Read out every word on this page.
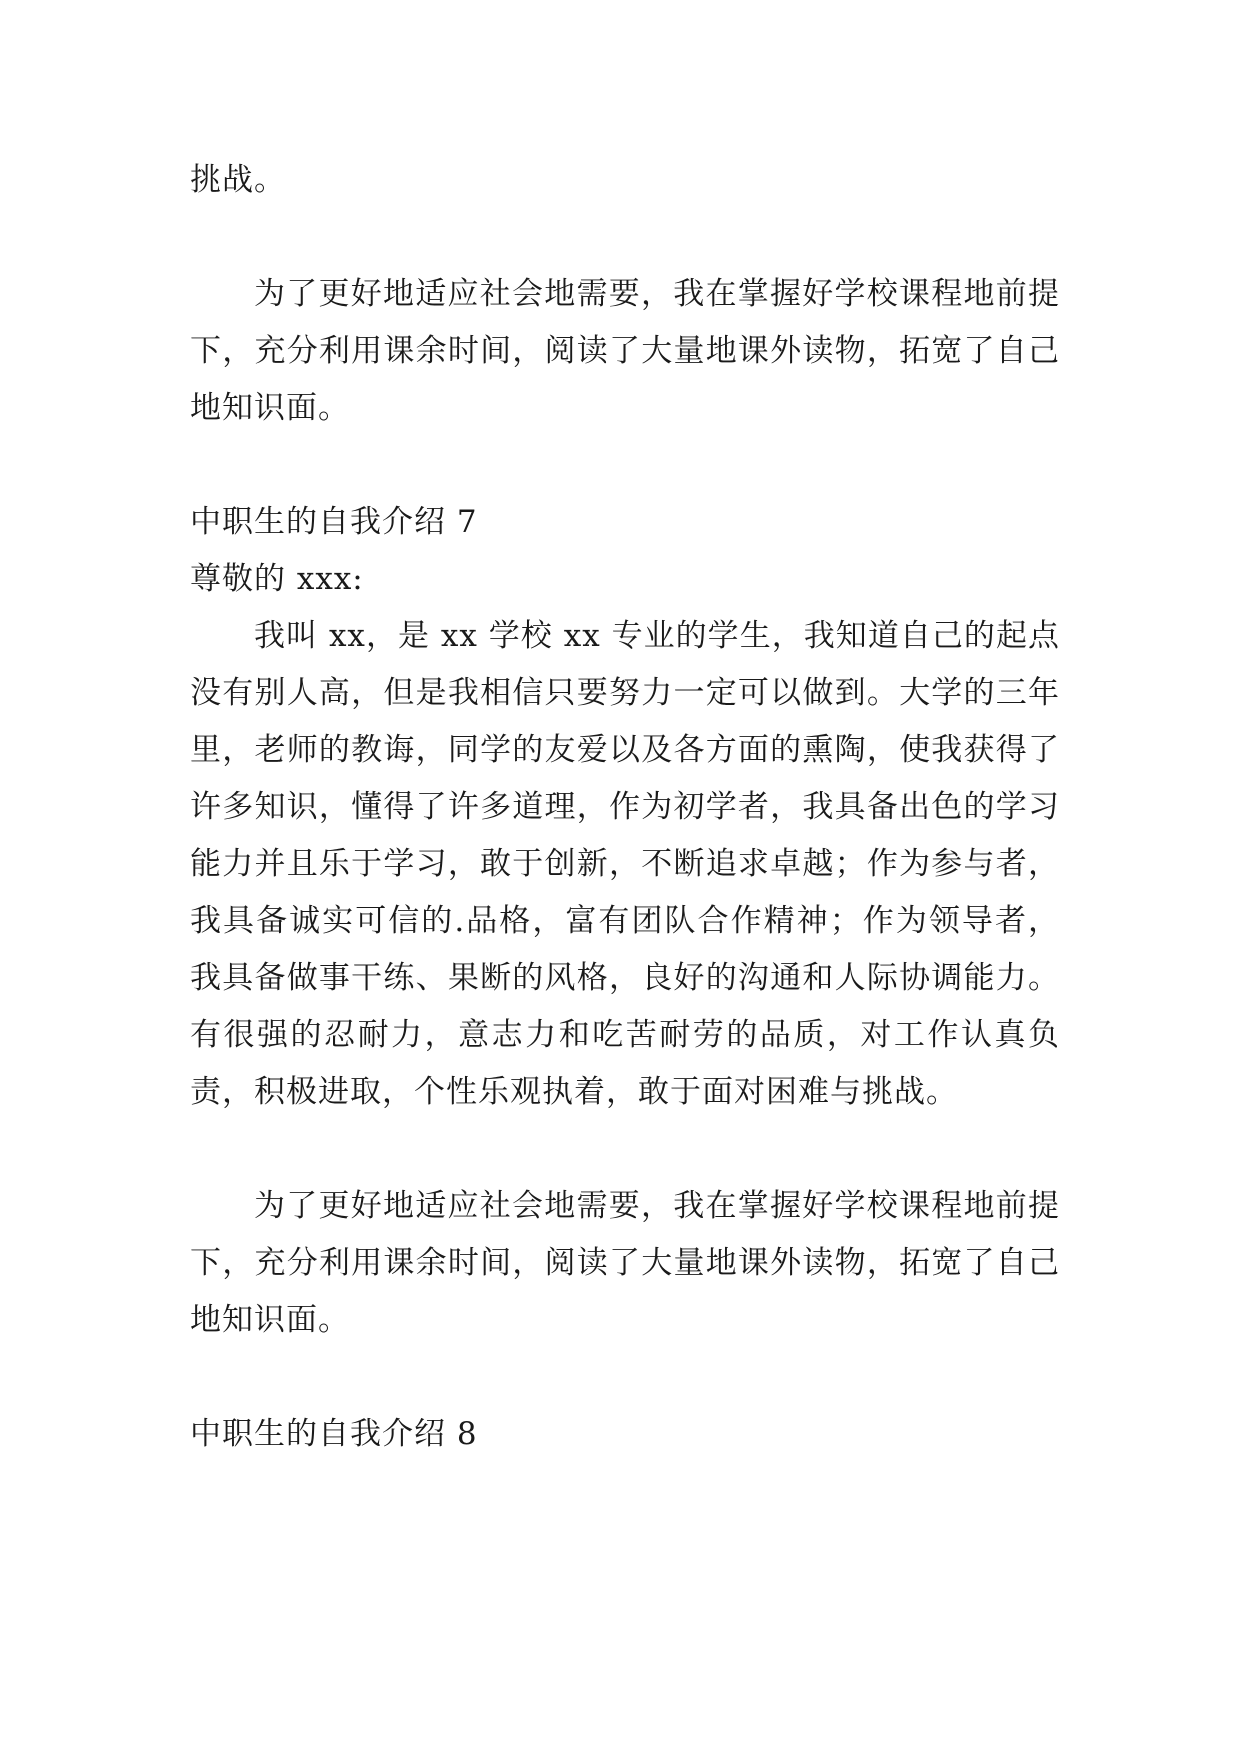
挑战。

为了更好地适应社会地需要，我在掌握好学校课程地前提下，充分利用课余时间，阅读了大量地课外读物，拓宽了自己地知识面。

中职生的自我介绍 7

尊敬的 xxx:

我叫 xx，是 xx 学校 xx 专业的学生，我知道自己的起点没有别人高，但是我相信只要努力一定可以做到。大学的三年里，老师的教诲，同学的友爱以及各方面的熏陶，使我获得了许多知识，懂得了许多道理，作为初学者，我具备出色的学习能力并且乐于学习，敢于创新，不断追求卓越；作为参与者，我具备诚实可信的.品格，富有团队合作精神；作为领导者，我具备做事干练、果断的风格，良好的沟通和人际协调能力。有很强的忍耐力，意志力和吃苦耐劳的品质，对工作认真负责，积极进取，个性乐观执着，敢于面对困难与挑战。

为了更好地适应社会地需要，我在掌握好学校课程地前提下，充分利用课余时间，阅读了大量地课外读物，拓宽了自己地知识面。

中职生的自我介绍 8
